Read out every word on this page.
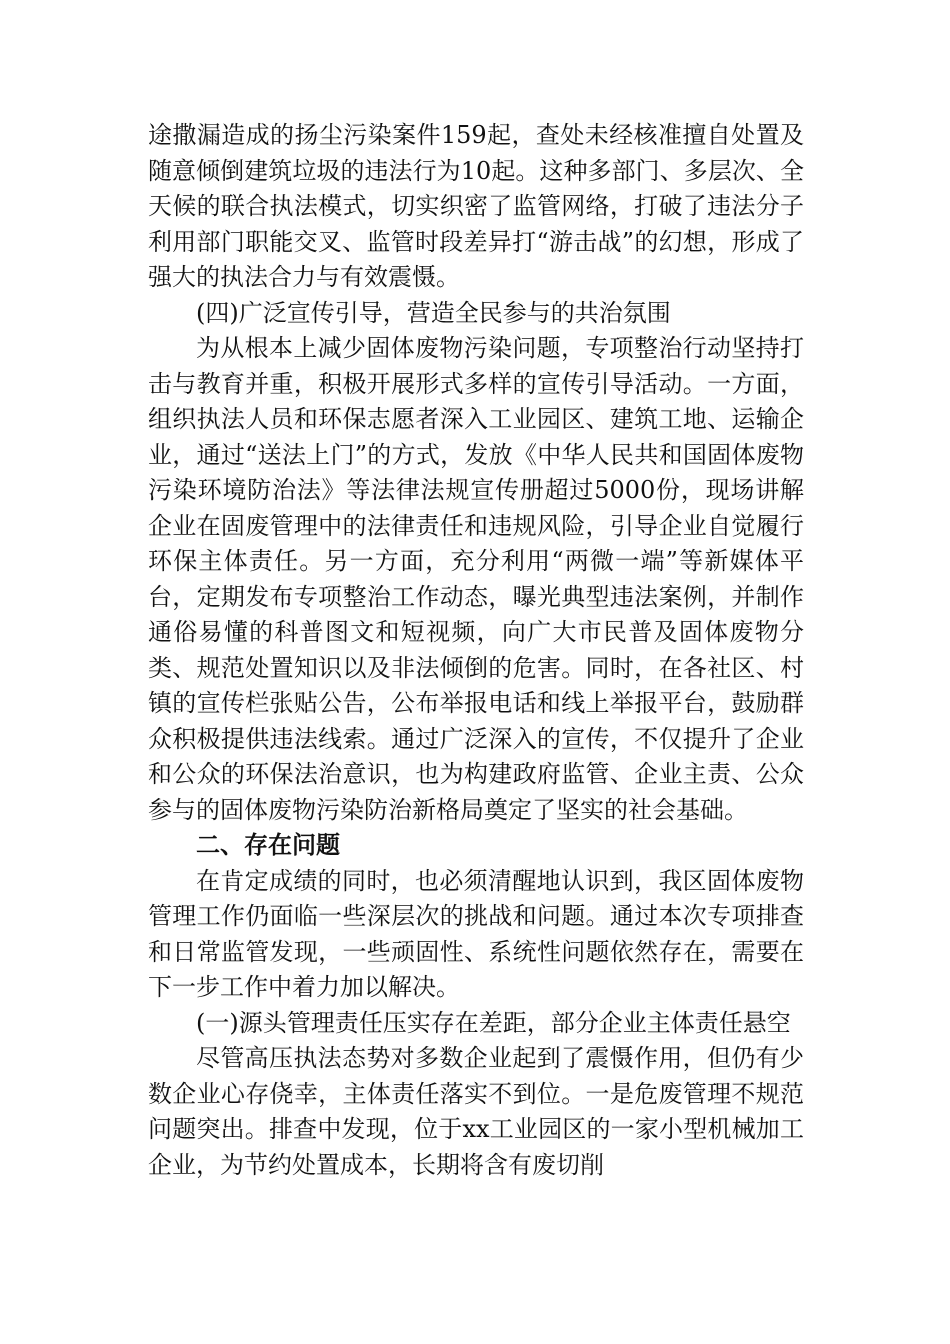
途撒漏造成的扬尘污染案件159起，查处未经核准擅自处置及随意倾倒建筑垃圾的违法行为10起。这种多部门、多层次、全天候的联合执法模式，切实织密了监管网络，打破了违法分子利用部门职能交叉、监管时段差异打“游击战”的幻想，形成了强大的执法合力与有效震慑。

(四)广泛宣传引导，营造全民参与的共治氛围

为从根本上减少固体废物污染问题，专项整治行动坚持打击与教育并重，积极开展形式多样的宣传引导活动。一方面，组织执法人员和环保志愿者深入工业园区、建筑工地、运输企业，通过“送法上门”的方式，发放《中华人民共和国固体废物污染环境防治法》等法律法规宣传册超过5000份，现场讲解企业在固废管理中的法律责任和违规风险，引导企业自觉履行环保主体责任。另一方面，充分利用“两微一端”等新媒体平台，定期发布专项整治工作动态，曝光典型违法案例，并制作通俗易懂的科普图文和短视频，向广大市民普及固体废物分类、规范处置知识以及非法倾倒的危害。同时，在各社区、村镇的宣传栏张贴公告，公布举报电话和线上举报平台，鼓励群众积极提供违法线索。通过广泛深入的宣传，不仅提升了企业和公众的环保法治意识，也为构建政府监管、企业主责、公众参与的固体废物污染防治新格局奠定了坚实的社会基础。

二、存在问题

在肯定成绩的同时，也必须清醒地认识到，我区固体废物管理工作仍面临一些深层次的挑战和问题。通过本次专项排查和日常监管发现，一些顽固性、系统性问题依然存在，需要在下一步工作中着力加以解决。

(一)源头管理责任压实存在差距，部分企业主体责任悬空

尽管高压执法态势对多数企业起到了震慑作用，但仍有少数企业心存侥幸，主体责任落实不到位。一是危废管理不规范问题突出。排查中发现，位于xx工业园区的一家小型机械加工企业，为节约处置成本，长期将含有废切削
